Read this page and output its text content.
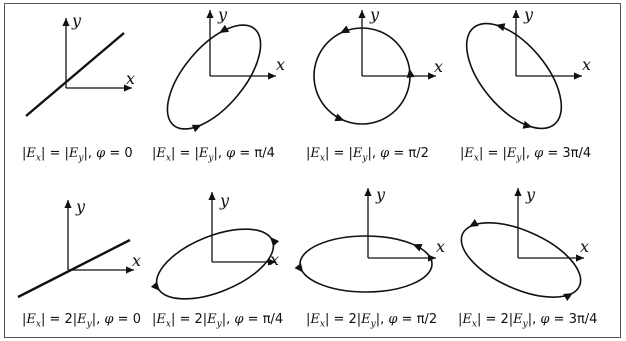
x
y
x
y
x
y
x
y
x
y
x
y
x
y
x
y
$|E_x| = |E_y|$, φ = 0 $|E_x| = |E_y|$, φ = π/4 $|E_x| = |E_y|$, φ = π/2 $|E_x| = |E_y|$, φ = 3π/4
$|E_x| = 2|E_y|$, φ = 0 $|E_x| = 2|E_y|$, φ = π/4 $|E_x| = 2|E_y|$, φ = π/2 $|E_x| = 2|E_y|$, φ = 3π/4
